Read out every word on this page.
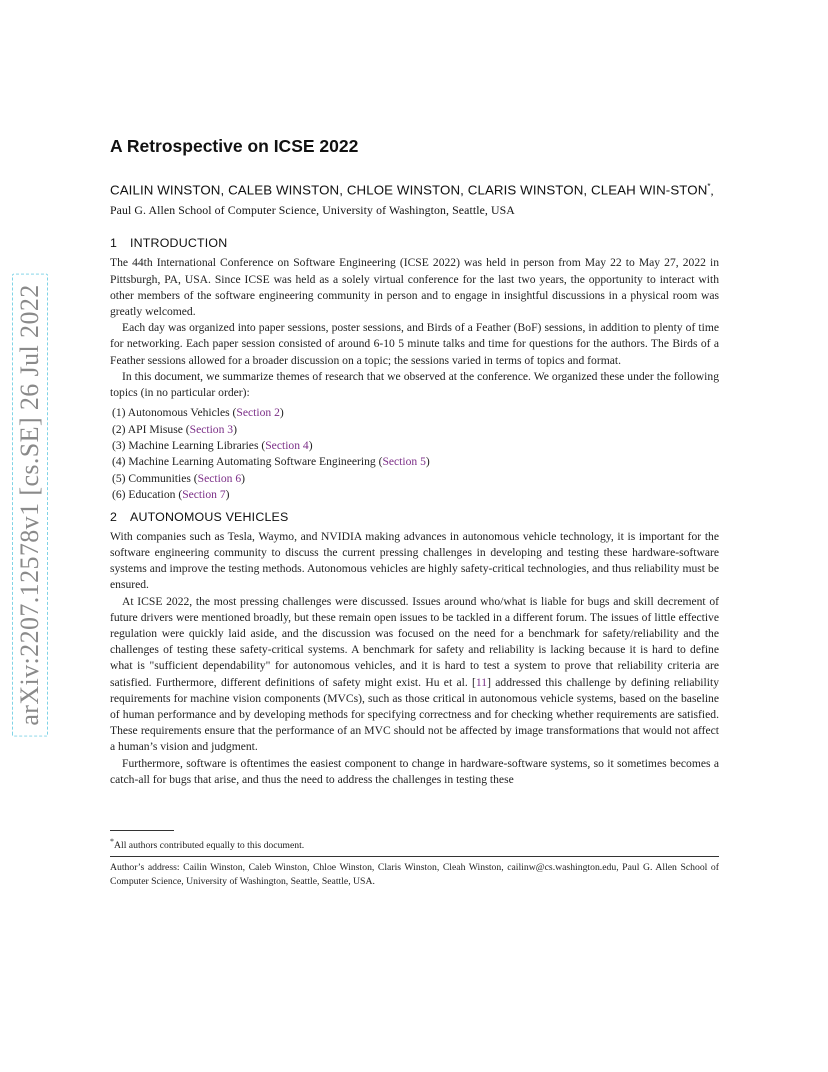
arXiv:2207.12578v1 [cs.SE] 26 Jul 2022
A Retrospective on ICSE 2022
CAILIN WINSTON, CALEB WINSTON, CHLOE WINSTON, CLARIS WINSTON, CLEAH WIN-STON*, Paul G. Allen School of Computer Science, University of Washington, Seattle, USA
1 INTRODUCTION

The 44th International Conference on Software Engineering (ICSE 2022) was held in person from May 22 to May 27, 2022 in Pittsburgh, PA, USA. Since ICSE was held as a solely virtual conference for the last two years, the opportunity to interact with other members of the software engineering community in person and to engage in insightful discussions in a physical room was greatly welcomed.

Each day was organized into paper sessions, poster sessions, and Birds of a Feather (BoF) sessions, in addition to plenty of time for networking. Each paper session consisted of around 6-10 5 minute talks and time for questions for the authors. The Birds of a Feather sessions allowed for a broader discussion on a topic; the sessions varied in terms of topics and format.

In this document, we summarize themes of research that we observed at the conference. We organized these under the following topics (in no particular order):

(1) Autonomous Vehicles (Section 2)
(2) API Misuse (Section 3)
(3) Machine Learning Libraries (Section 4)
(4) Machine Learning Automating Software Engineering (Section 5)
(5) Communities (Section 6)
(6) Education (Section 7)
2 AUTONOMOUS VEHICLES

With companies such as Tesla, Waymo, and NVIDIA making advances in autonomous vehicle technology, it is important for the software engineering community to discuss the current pressing challenges in developing and testing these hardware-software systems and improve the testing methods. Autonomous vehicles are highly safety-critical technologies, and thus reliability must be ensured.

At ICSE 2022, the most pressing challenges were discussed. Issues around who/what is liable for bugs and skill decrement of future drivers were mentioned broadly, but these remain open issues to be tackled in a different forum. The issues of little effective regulation were quickly laid aside, and the discussion was focused on the need for a benchmark for safety/reliability and the challenges of testing these safety-critical systems. A benchmark for safety and reliability is lacking because it is hard to define what is "sufficient dependability" for autonomous vehicles, and it is hard to test a system to prove that reliability criteria are satisfied. Furthermore, different definitions of safety might exist. Hu et al. [11] addressed this challenge by defining reliability requirements for machine vision components (MVCs), such as those critical in autonomous vehicle systems, based on the baseline of human performance and by developing methods for specifying correctness and for checking whether requirements are satisfied. These requirements ensure that the performance of an MVC should not be affected by image transformations that would not affect a human’s vision and judgment.

Furthermore, software is oftentimes the easiest component to change in hardware-software systems, so it sometimes becomes a catch-all for bugs that arise, and thus the need to address the challenges in testing these

*All authors contributed equally to this document.

Author’s address: Cailin Winston, Caleb Winston, Chloe Winston, Claris Winston, Cleah Winston, cailinw@cs.washington.edu, Paul G. Allen School of Computer Science, University of Washington, Seattle, Seattle, USA.
